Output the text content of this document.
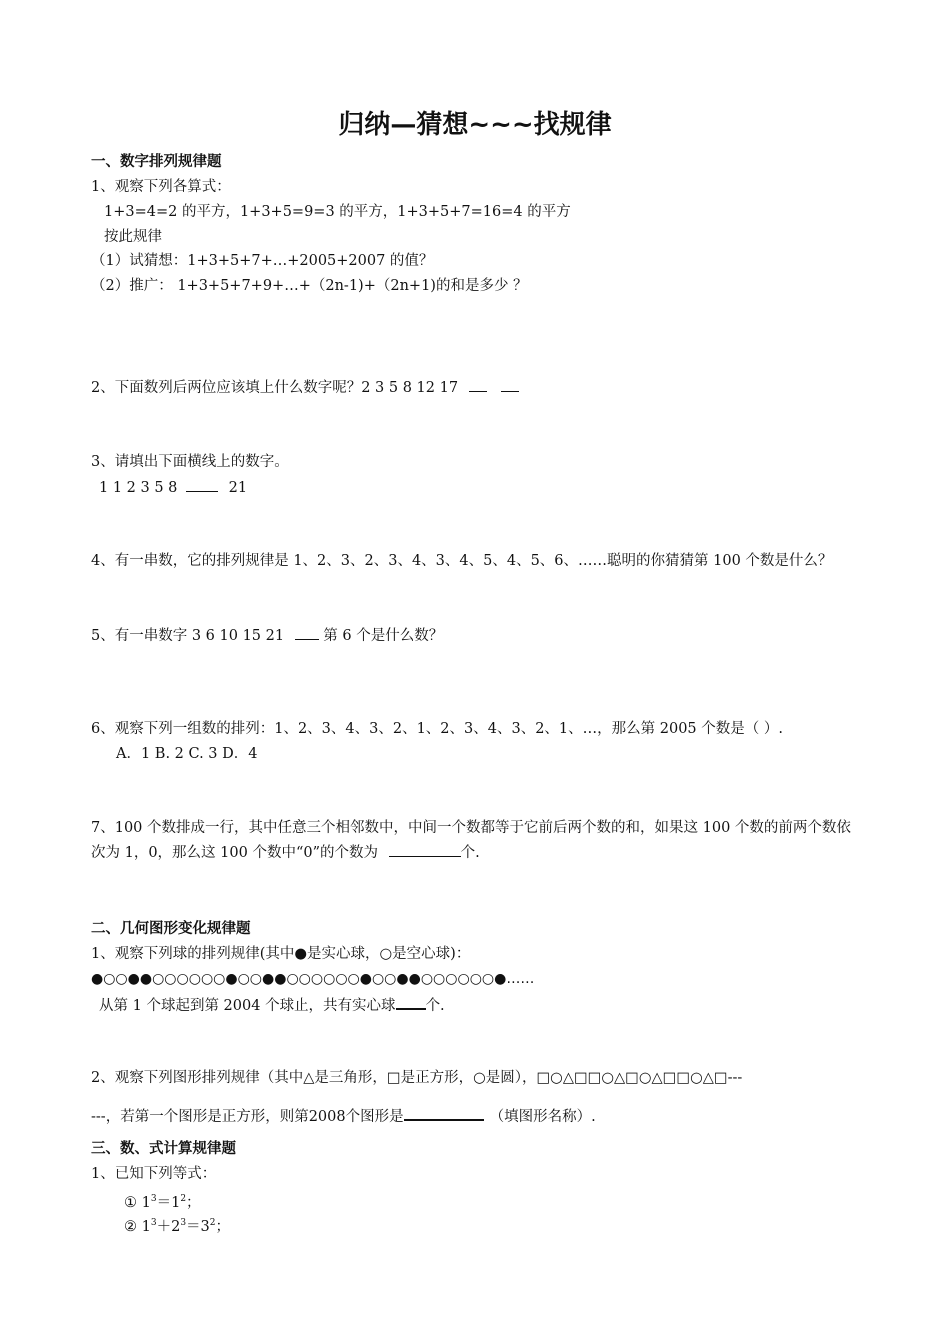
归纳—猜想~~~找规律
一、数字排列规律题
1、观察下列各算式：
1+3=4=2 的平方，1+3+5=9=3 的平方，1+3+5+7=16=4 的平方
按此规律
（1）试猜想：1+3+5+7+…+2005+2007 的值？
（2）推广： 1+3+5+7+9+…+（2n-1)+（2n+1)的和是多少 ？
2、下面数列后两位应该填上什么数字呢？2 3 5 8 12 17
3、请填出下面横线上的数字。
1 1 2 3 5 8	21
4、有一串数，它的排列规律是 1、2、3、2、3、4、3、4、5、4、5、6、……聪明的你猜猜第 100 个数是什么？
5、有一串数字 3 6 10 15 21	第 6 个是什么数？
6、观察下列一组数的排列：1、2、3、4、3、2、1、2、3、4、3、2、1、…，那么第 2005 个数是（ ）.
A．1 B. 2 C. 3 D．4
7、100 个数排成一行，其中任意三个相邻数中，中间一个数都等于它前后两个数的和，如果这 100 个数的前两个数依次为 1，0，那么这 100 个数中“0”的个数为	个.
二、几何图形变化规律题
1、观察下列球的排列规律(其中●是实心球，○是空心球)：
●○○●●○○○○○○●○○●●○○○○○○●○○●●○○○○○○●……
从第 1 个球起到第 2004 个球止，共有实心球 个.
2、观察下列图形排列规律（其中△是三角形，□是正方形，○是圆），□○△□□○△□○△□□○△□---
---，若第一个图形是正方形，则第2008个图形是	（填图形名称）.
三、数、式计算规律题
1、已知下列等式：
① $1^3=1^2$；
② $1^3+2^3=3^2$；
